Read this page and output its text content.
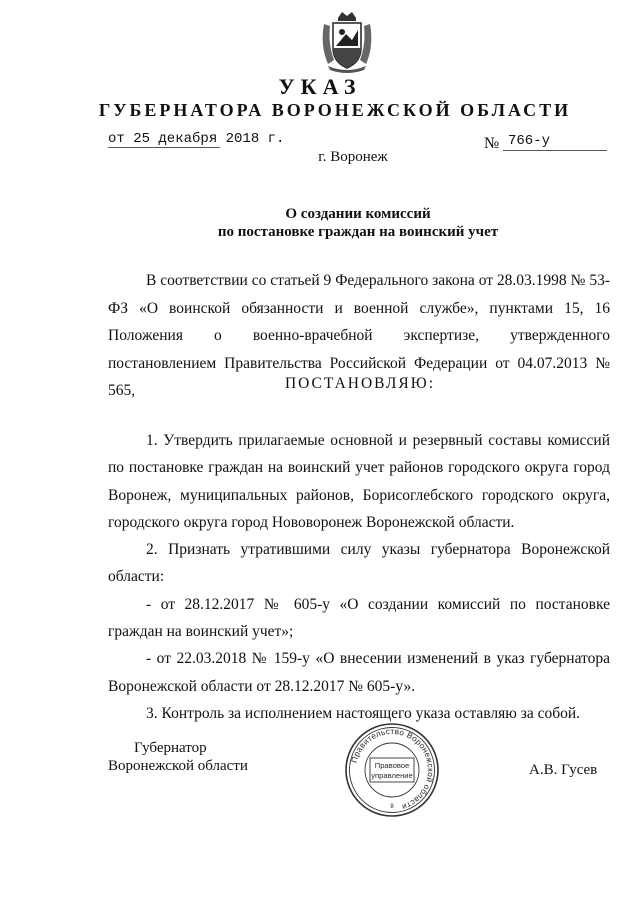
УКАЗ
ГУБЕРНАТОРА ВОРОНЕЖСКОЙ ОБЛАСТИ
от 25 декабря 2018 г.	№ 766-у
г. Воронеж
О создании комиссий
по постановке граждан на воинский учет
В соответствии со статьей 9 Федерального закона от 28.03.1998 № 53-ФЗ «О воинской обязанности и военной службе», пунктами 15, 16 Положения о военно-врачебной экспертизе, утвержденного постановлением Правительства Российской Федерации от 04.07.2013 № 565,	ПОСТАНОВЛЯЮ:

1. Утвердить прилагаемые основной и резервный составы комиссий по постановке граждан на воинский учет районов городского округа город Воронеж, муниципальных районов, Борисоглебского городского округа, городского округа город Нововоронеж Воронежской области.

2. Признать утратившими силу указы губернатора Воронежской области:

- от 28.12.2017 № 605-у «О создании комиссий по постановке граждан на воинский учет»;

- от 22.03.2018 № 159-у «О внесении изменений в указ губернатора Воронежской области от 28.12.2017 № 605-у».

3. Контроль за исполнением настоящего указа оставляю за собой.

Губернатор
Воронежской области	А.В. Гусев
Правительство Воронежской области
Правовое
управление
8
